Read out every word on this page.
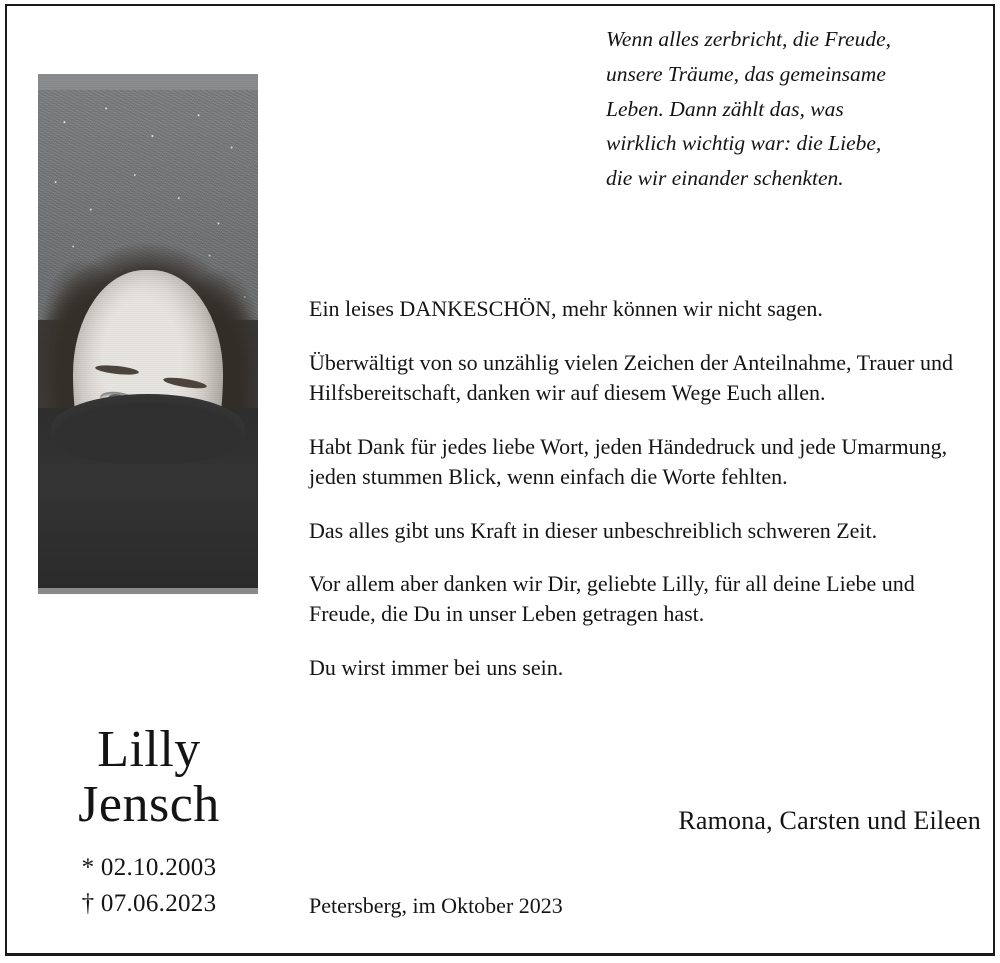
Wenn alles zerbricht, die Freude,
unsere Träume, das gemeinsame
Leben. Dann zählt das, was
wirklich wichtig war: die Liebe,
die wir einander schenkten.
Lilly
Jensch
* 02.10.2003
† 07.06.2023

Ein leises DANKESCHÖN, mehr können wir nicht sagen.

Überwältigt von so unzählig vielen Zeichen der Anteilnahme, Trauer und Hilfsbereitschaft, danken wir auf diesem Wege Euch allen.

Habt Dank für jedes liebe Wort, jeden Händedruck und jede Umarmung, jeden stummen Blick, wenn einfach die Worte fehlten.

Das alles gibt uns Kraft in dieser unbeschreiblich schweren Zeit.

Vor allem aber danken wir Dir, geliebte Lilly, für all deine Liebe und Freude, die Du in unser Leben getragen hast.

Du wirst immer bei uns sein.

Ramona, Carsten und Eileen
Petersberg, im Oktober 2023
